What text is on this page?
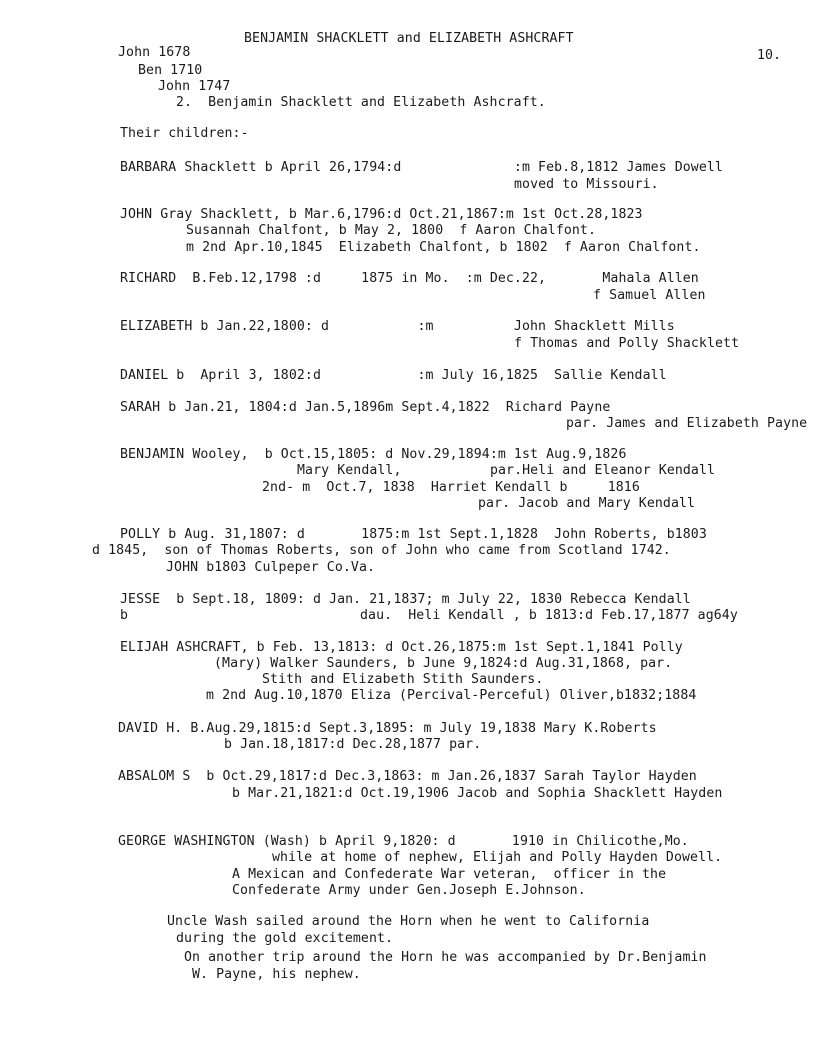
BENJAMIN SHACKLETT and ELIZABETH ASHCRAFT
10.
John 1678
Ben 1710
John 1747
2.  Benjamin Shacklett and Elizabeth Ashcraft.
Their children:-
BARBARA Shacklett b April 26,1794:d              :m Feb.8,1812 James Dowell
moved to Missouri.
JOHN Gray Shacklett, b Mar.6,1796:d Oct.21,1867:m 1st Oct.28,1823
Susannah Chalfont, b May 2, 1800  f Aaron Chalfont.
m 2nd Apr.10,1845  Elizabeth Chalfont, b 1802  f Aaron Chalfont.
RICHARD  B.Feb.12,1798 :d     1875 in Mo.  :m Dec.22,       Mahala Allen
f Samuel Allen
ELIZABETH b Jan.22,1800: d           :m          John Shacklett Mills
f Thomas and Polly Shacklett
DANIEL b  April 3, 1802:d            :m July 16,1825  Sallie Kendall
SARAH b Jan.21, 1804:d Jan.5,1896m Sept.4,1822  Richard Payne
par. James and Elizabeth Payne
BENJAMIN Wooley,  b Oct.15,1805: d Nov.29,1894:m 1st Aug.9,1826
Mary Kendall,           par.Heli and Eleanor Kendall
2nd- m  Oct.7, 1838  Harriet Kendall b     1816
par. Jacob and Mary Kendall
POLLY b Aug. 31,1807: d       1875:m 1st Sept.1,1828  John Roberts, b1803
d 1845,  son of Thomas Roberts, son of John who came from Scotland 1742.
JOHN b1803 Culpeper Co.Va.
JESSE  b Sept.18, 1809: d Jan. 21,1837; m July 22, 1830 Rebecca Kendall
b	dau.  Heli Kendall , b 1813:d Feb.17,1877 ag64y
ELIJAH ASHCRAFT, b Feb. 13,1813: d Oct.26,1875:m 1st Sept.1,1841 Polly
(Mary) Walker Saunders, b June 9,1824:d Aug.31,1868, par.
Stith and Elizabeth Stith Saunders.
m 2nd Aug.10,1870 Eliza (Percival-Perceful) Oliver,b1832;1884
DAVID H. B.Aug.29,1815:d Sept.3,1895: m July 19,1838 Mary K.Roberts
b Jan.18,1817:d Dec.28,1877 par.
ABSALOM S  b Oct.29,1817:d Dec.3,1863: m Jan.26,1837 Sarah Taylor Hayden
b Mar.21,1821:d Oct.19,1906 Jacob and Sophia Shacklett Hayden
GEORGE WASHINGTON (Wash) b April 9,1820: d       1910 in Chilicothe,Mo.
while at home of nephew, Elijah and Polly Hayden Dowell.
A Mexican and Confederate War veteran,  officer in the
Confederate Army under Gen.Joseph E.Johnson.
Uncle Wash sailed around the Horn when he went to California
during the gold excitement.
On another trip around the Horn he was accompanied by Dr.Benjamin
W. Payne, his nephew.
